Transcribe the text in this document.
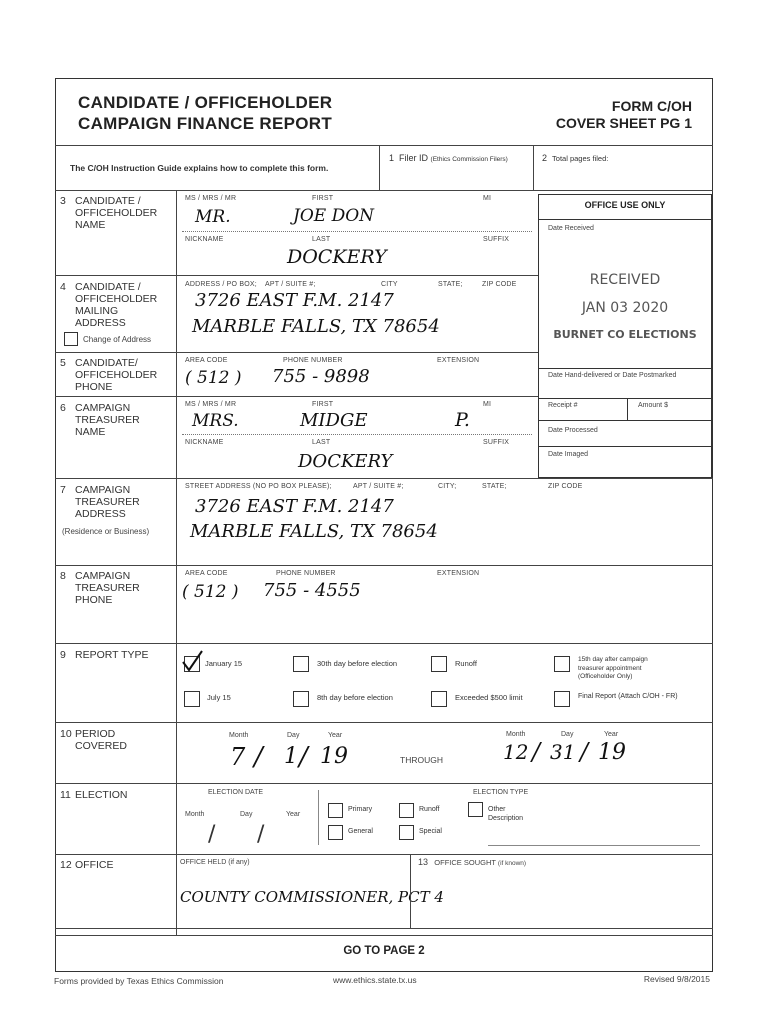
CANDIDATE / OFFICEHOLDER
CAMPAIGN FINANCE REPORT
FORM C/OH
COVER SHEET PG 1
The C/OH Instruction Guide explains how to complete this form.
1 Filer ID (Ethics Commission Filers)	2 Total pages filed:
OFFICE USE ONLY
Date Received
RECEIVED
JAN 03 2020
BURNET CO ELECTIONS
Date Hand-delivered or Date Postmarked
Receipt #	Amount $
Date Processed
Date Imaged
3 CANDIDATE /
OFFICEHOLDER
NAME
MS / MRS / MR	FIRST	MI
MR.	JOE DON
NICKNAME	LAST	SUFFIX
DOCKERY
4 CANDIDATE /
OFFICEHOLDER
MAILING
ADDRESS
Change of Address
ADDRESS / PO BOX; APT / SUITE #;	CITY	STATE;	ZIP CODE
3726 EAST F.M. 2147
MARBLE FALLS, TX 78654
5 CANDIDATE/
OFFICEHOLDER
PHONE
AREA CODE	PHONE NUMBER	EXTENSION
( 512 ) 755 - 9898
6 CAMPAIGN
TREASURER
NAME
MS / MRS / MR	FIRST	MI
MRS.	MIDGE	P.
NICKNAME	LAST	SUFFIX
DOCKERY
7 CAMPAIGN
TREASURER
ADDRESS
(Residence or Business)
STREET ADDRESS (NO PO BOX PLEASE);	APT / SUITE #;	CITY;	STATE;	ZIP CODE
3726 EAST F.M. 2147
MARBLE FALLS, TX 78654
8 CAMPAIGN
TREASURER
PHONE
AREA CODE	PHONE NUMBER	EXTENSION
( 512 ) 755 - 4555
9 REPORT TYPE
January 15	30th day before election	Runoff	15th day after campaign
treasurer appointment
(Officeholder Only)
July 15	8th day before election	Exceeded $500 limit	Final Report (Attach C/OH - FR)
10 PERIOD
COVERED
Month	Day	Year
7 / 1 / 19	THROUGH
Month	Day	Year
12 / 31 / 19
11 ELECTION	ELECTION DATE	ELECTION TYPE
Month	Day	Year
/ /
Primary	Runoff	Other
Description
General	Special
12 OFFICE	OFFICE HELD (if any)
COUNTY COMMISSIONER, PCT 4
13 OFFICE SOUGHT (if known)
GO TO PAGE 2
Forms provided by Texas Ethics Commission	www.ethics.state.tx.us	Revised 9/8/2015
